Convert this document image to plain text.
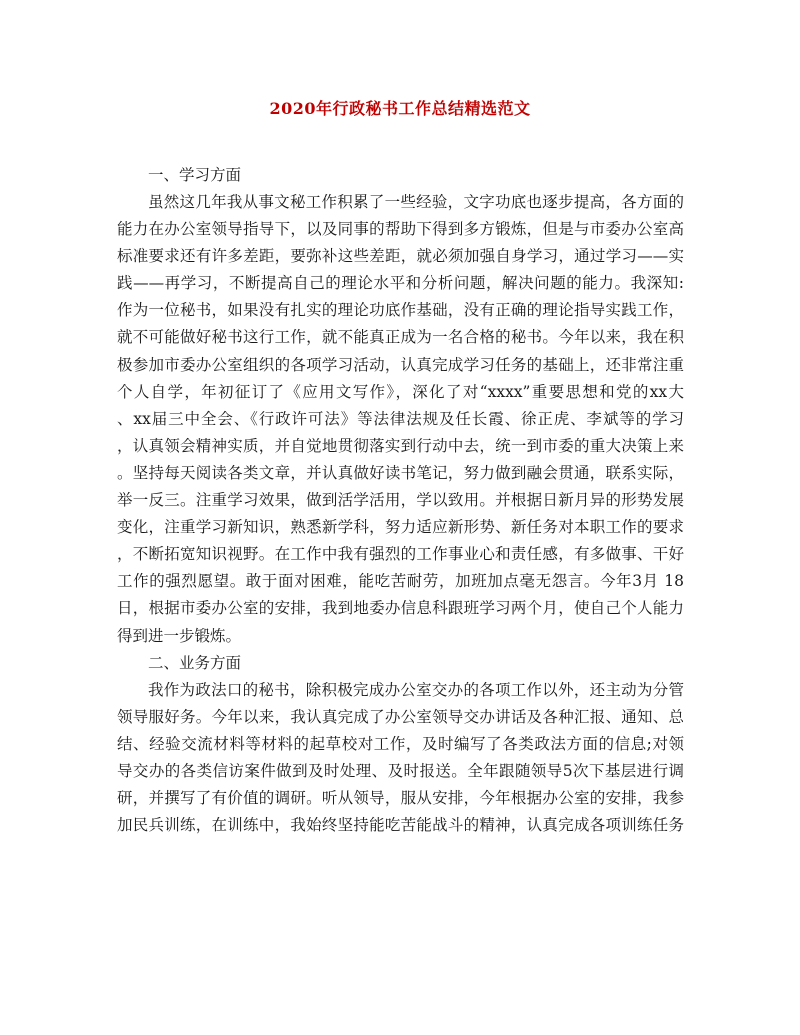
2020年行政秘书工作总结精选范文
一、学习方面
虽然这几年我从事文秘工作积累了一些经验，文字功底也逐步提高，各方面的
能力在办公室领导指导下，以及同事的帮助下得到多方锻炼，但是与市委办公室高
标准要求还有许多差距，要弥补这些差距，就必须加强自身学习，通过学习——实
践——再学习，不断提高自己的理论水平和分析问题，解决问题的能力。我深知:
作为一位秘书，如果没有扎实的理论功底作基础，没有正确的理论指导实践工作，
就不可能做好秘书这行工作，就不能真正成为一名合格的秘书。今年以来，我在积
极参加市委办公室组织的各项学习活动，认真完成学习任务的基础上，还非常注重
个人自学，年初征订了《应用文写作》，深化了对“xxxx”重要思想和党的xx大
、xx届三中全会、《行政许可法》等法律法规及任长霞、徐正虎、李斌等的学习
，认真领会精神实质，并自觉地贯彻落实到行动中去，统一到市委的重大决策上来
。坚持每天阅读各类文章，并认真做好读书笔记，努力做到融会贯通，联系实际，
举一反三。注重学习效果，做到活学活用，学以致用。并根据日新月异的形势发展
变化，注重学习新知识，熟悉新学科，努力适应新形势、新任务对本职工作的要求
，不断拓宽知识视野。在工作中我有强烈的工作事业心和责任感，有多做事、干好
工作的强烈愿望。敢于面对困难，能吃苦耐劳，加班加点毫无怨言。今年3月 18
日，根据市委办公室的安排，我到地委办信息科跟班学习两个月，使自己个人能力
得到进一步锻炼。
二、业务方面
我作为政法口的秘书，除积极完成办公室交办的各项工作以外，还主动为分管
领导服好务。今年以来，我认真完成了办公室领导交办讲话及各种汇报、通知、总
结、经验交流材料等材料的起草校对工作，及时编写了各类政法方面的信息;对领
导交办的各类信访案件做到及时处理、及时报送。全年跟随领导5次下基层进行调
研，并撰写了有价值的调研。听从领导，服从安排，今年根据办公室的安排，我参
加民兵训练，在训练中，我始终坚持能吃苦能战斗的精神，认真完成各项训练任务
